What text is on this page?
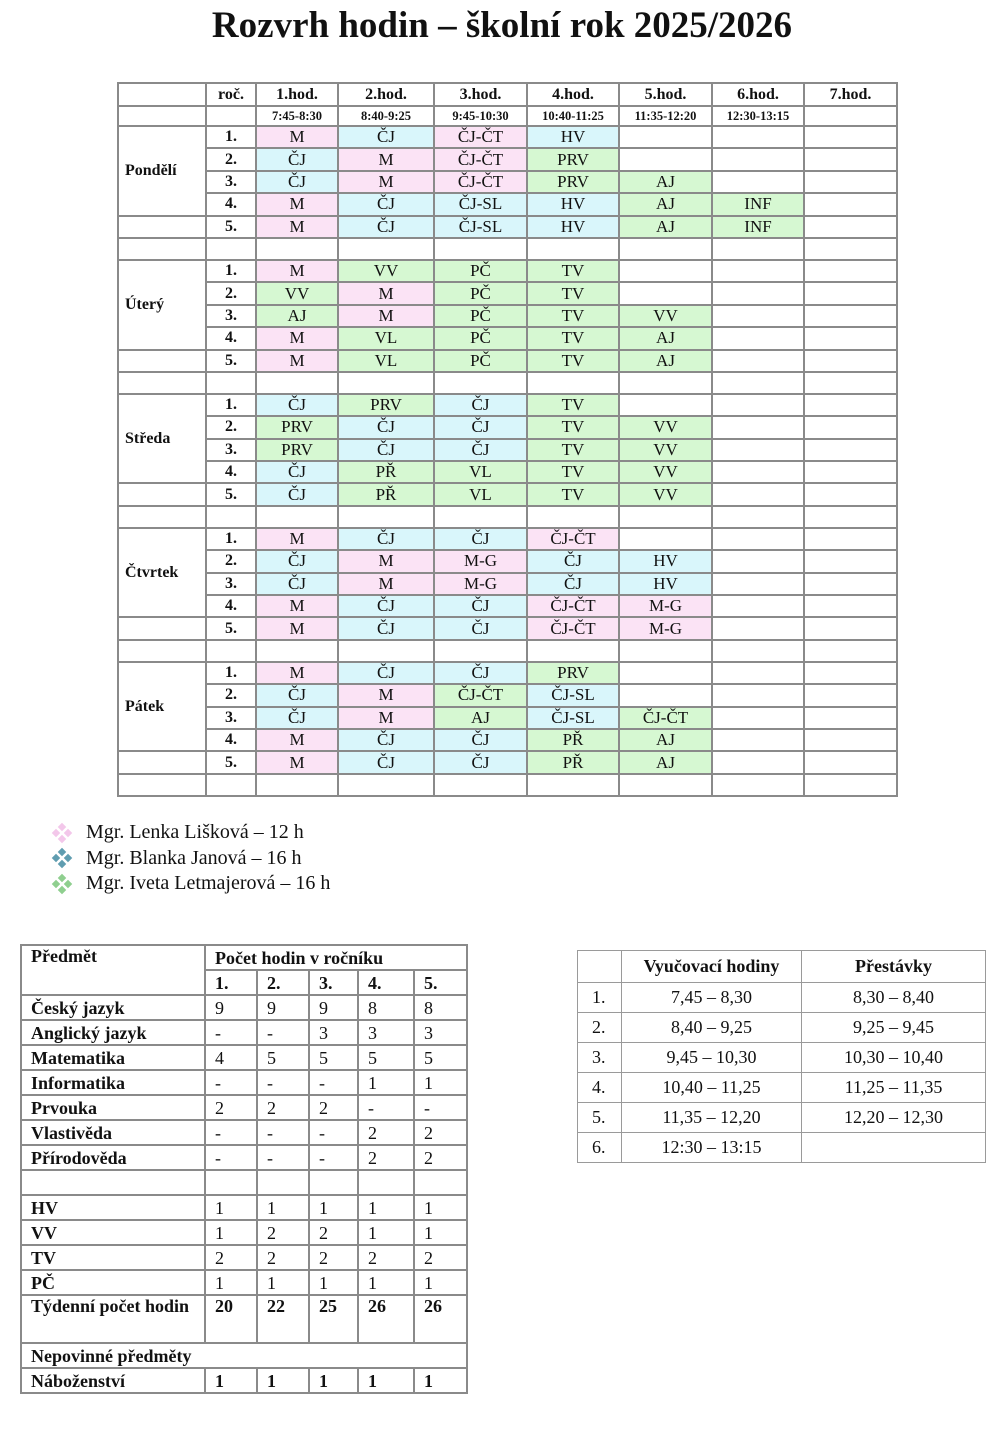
Rozvrh hodin – školní rok 2025/2026
	roč.	1.hod.	2.hod.	3.hod.	4.hod.	5.hod.	6.hod.	7.hod.
		7:45-8:30	8:40-9:25	9:45-10:30	10:40-11:25	11:35-12:20	12:30-13:15	
Pondělí	1.	M	ČJ	ČJ-ČT	HV			
	2.	ČJ	M	ČJ-ČT	PRV			
	3.	ČJ	M	ČJ-ČT	PRV	AJ		
	4.	M	ČJ	ČJ-SL	HV	AJ	INF	
	5.	M	ČJ	ČJ-SL	HV	AJ	INF	

Úterý	1.	M	VV	PČ	TV			
	2.	VV	M	PČ	TV			
	3.	AJ	M	PČ	TV	VV		
	4.	M	VL	PČ	TV	AJ		
	5.	M	VL	PČ	TV	AJ		

Středa	1.	ČJ	PRV	ČJ	TV			
	2.	PRV	ČJ	ČJ	TV	VV		
	3.	PRV	ČJ	ČJ	TV	VV		
	4.	ČJ	PŘ	VL	TV	VV		
	5.	ČJ	PŘ	VL	TV	VV		

Čtvrtek	1.	M	ČJ	ČJ	ČJ-ČT			
	2.	ČJ	M	M-G	ČJ	HV		
	3.	ČJ	M	M-G	ČJ	HV		
	4.	M	ČJ	ČJ	ČJ-ČT	M-G		
	5.	M	ČJ	ČJ	ČJ-ČT	M-G		

Pátek	1.	M	ČJ	ČJ	PRV			
	2.	ČJ	M	ČJ-ČT	ČJ-SL			
	3.	ČJ	M	AJ	ČJ-SL	ČJ-ČT		
	4.	M	ČJ	ČJ	PŘ	AJ		
	5.	M	ČJ	ČJ	PŘ	AJ		

Mgr. Lenka Lišková – 12 h
Mgr. Blanka Janová – 16 h
Mgr. Iveta Letmajerová – 16 h
Předmět	Počet hodin v ročníku				
	1.	2.	3.	4.	5.
Český jazyk	9	9	9	8	8
Anglický jazyk	-	-	3	3	3
Matematika	4	5	5	5	5
Informatika	-	-	-	1	1
Prvouka	2	2	2	-	-
Vlastivěda	-	-	-	2	2
Přírodověda	-	-	-	2	2

HV	1	1	1	1	1
VV	1	2	2	1	1
TV	2	2	2	2	2
PČ	1	1	1	1	1
Týdenní počet hodin	20	22	25	26	26
Nepovinné předměty					
Náboženství	1	1	1	1	1
	Vyučovací hodiny	Přestávky
1.	7,45 – 8,30	8,30 – 8,40
2.	8,40 – 9,25	9,25 – 9,45
3.	9,45 – 10,30	10,30 – 10,40
4.	10,40 – 11,25	11,25 – 11,35
5.	11,35 – 12,20	12,20 – 12,30
6.	12:30 – 13:15	
